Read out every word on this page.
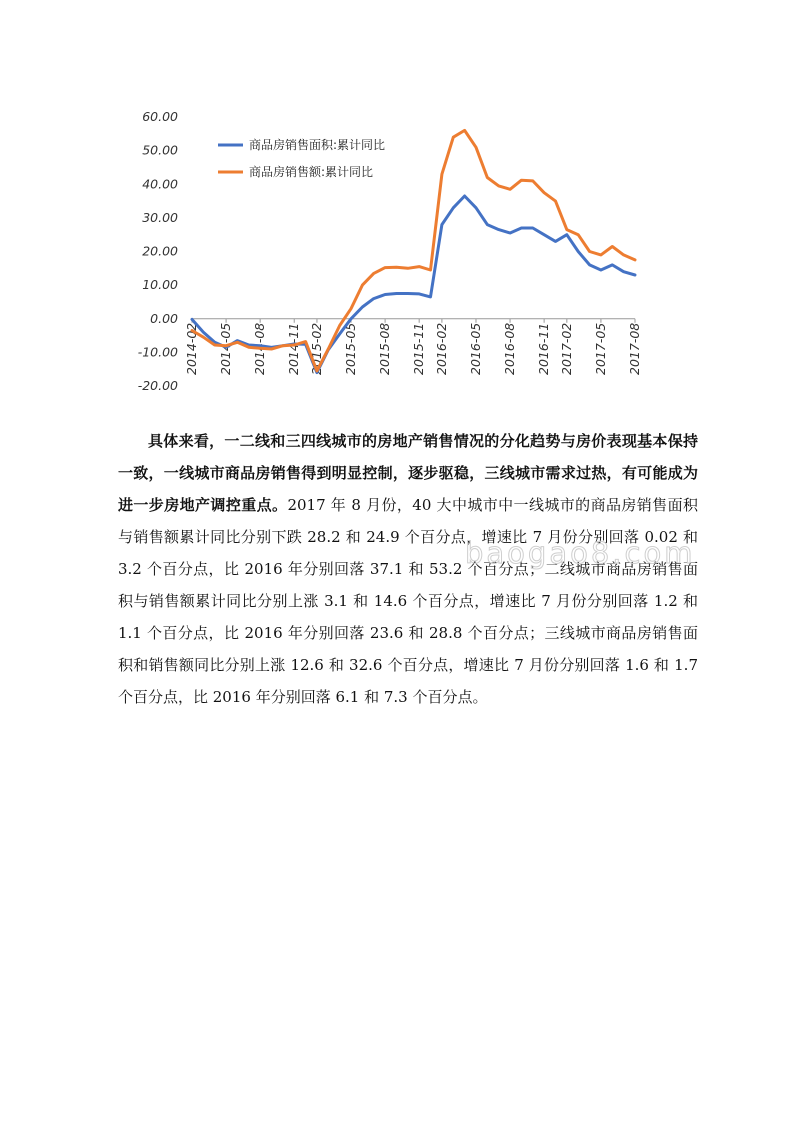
60.00
50.00
40.00
30.00
20.00
10.00
0.00
-10.00
-20.00
2014-02 2014-05 2014-08 2014-11 2015-02 2015-05 2015-08 2015-11 2016-02 2016-05 2016-08 2016-11 2017-02 2017-05 2017-08
商品房销售面积:累计同比
商品房销售额:累计同比

具体来看，一二线和三四线城市的房地产销售情况的分化趋势与房价表现基本保持一致，一线城市商品房销售得到明显控制，逐步驱稳，三线城市需求过热，有可能成为进一步房地产调控重点。2017 年 8 月份，40 大中城市中一线城市的商品房销售面积与销售额累计同比分别下跌 28.2 和 24.9 个百分点，增速比 7 月份分别回落 0.02 和 3.2 个百分点，比 2016 年分别回落 37.1 和 53.2 个百分点；二线城市商品房销售面积与销售额累计同比分别上涨 3.1 和 14.6 个百分点，增速比 7 月份分别回落 1.2 和 1.1 个百分点，比 2016 年分别回落 23.6 和 28.8 个百分点；三线城市商品房销售面积和销售额同比分别上涨 12.6 和 32.6 个百分点，增速比 7 月份分别回落 1.6 和 1.7 个百分点，比 2016 年分别回落 6.1 和 7.3 个百分点。

baogao8.com
